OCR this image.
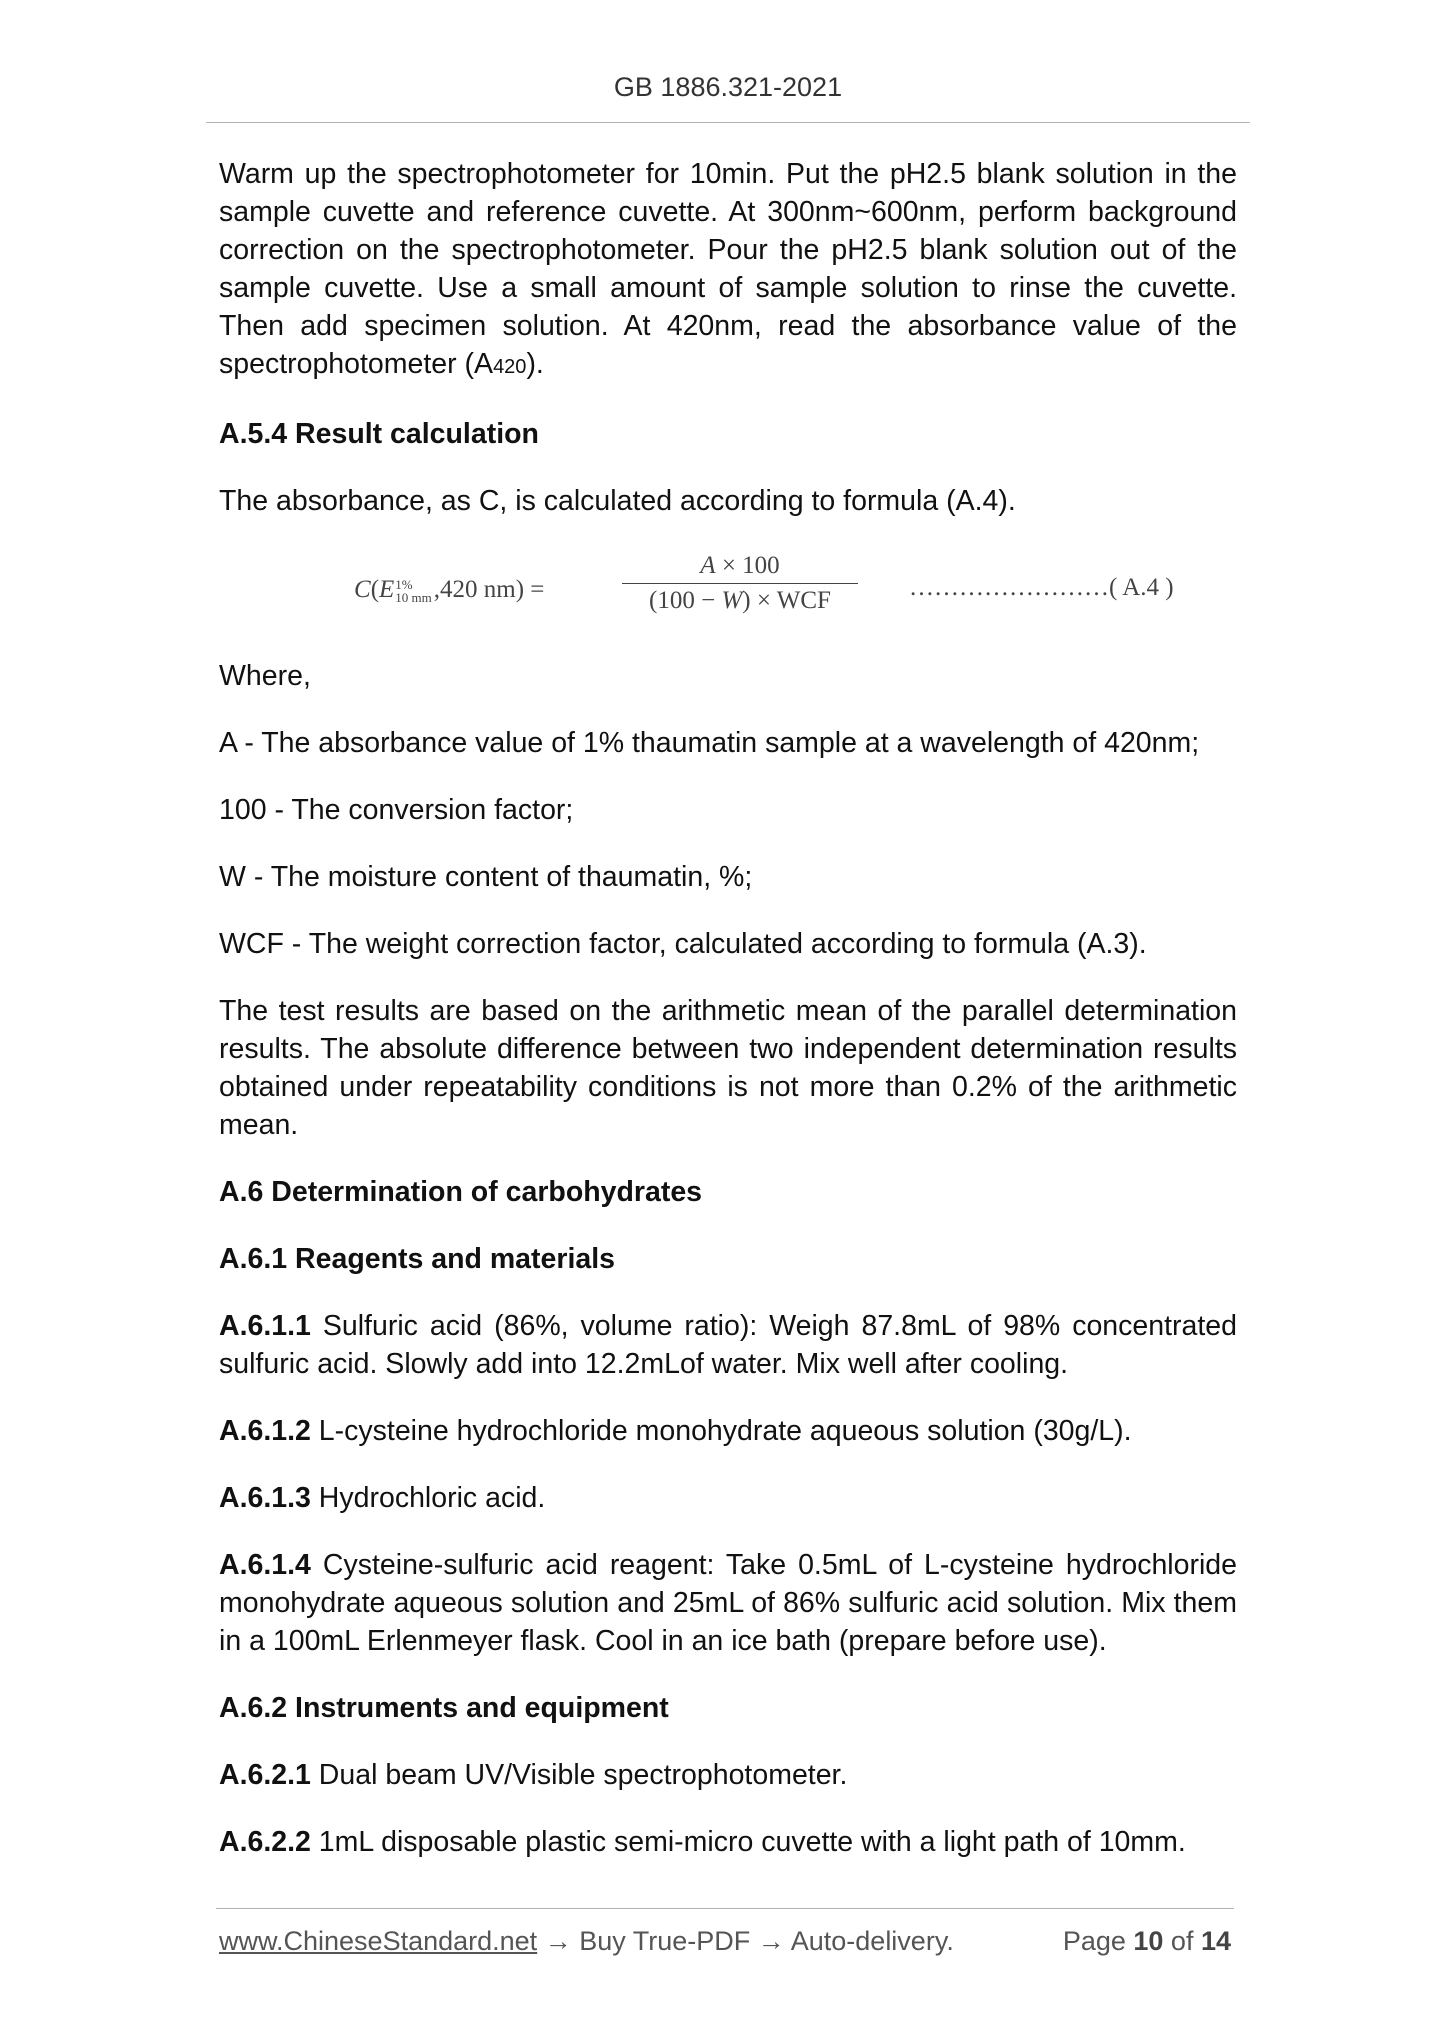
GB 1886.321-2021

Warm up the spectrophotometer for 10min. Put the pH2.5 blank solution in the sample cuvette and reference cuvette. At 300nm~600nm, perform background correction on the spectrophotometer. Pour the pH2.5 blank solution out of the sample cuvette. Use a small amount of sample solution to rinse the cuvette. Then add specimen solution. At 420nm, read the absorbance value of the spectrophotometer (A420).

A.5.4 Result calculation

The absorbance, as C, is calculated according to formula (A.4).

C(E 1%
10 mm ,420 nm) =
A × 100
(100 − W) × WCF	……………………( A.4 )

Where,

A - The absorbance value of 1% thaumatin sample at a wavelength of 420nm;

100 - The conversion factor;

W - The moisture content of thaumatin, %;

WCF - The weight correction factor, calculated according to formula (A.3).

The test results are based on the arithmetic mean of the parallel determination results. The absolute difference between two independent determination results obtained under repeatability conditions is not more than 0.2% of the arithmetic mean.

A.6 Determination of carbohydrates

A.6.1 Reagents and materials

A.6.1.1 Sulfuric acid (86%, volume ratio): Weigh 87.8mL of 98% concentrated sulfuric acid. Slowly add into 12.2mLof water. Mix well after cooling.

A.6.1.2 L-cysteine hydrochloride monohydrate aqueous solution (30g/L).

A.6.1.3 Hydrochloric acid.

A.6.1.4 Cysteine-sulfuric acid reagent: Take 0.5mL of L-cysteine hydrochloride monohydrate aqueous solution and 25mL of 86% sulfuric acid solution. Mix them in a 100mL Erlenmeyer flask. Cool in an ice bath (prepare before use).

A.6.2 Instruments and equipment

A.6.2.1 Dual beam UV/Visible spectrophotometer.

A.6.2.2 1mL disposable plastic semi-micro cuvette with a light path of 10mm.

www.ChineseStandard.net → Buy True-PDF → Auto-delivery.	Page 10 of 14
